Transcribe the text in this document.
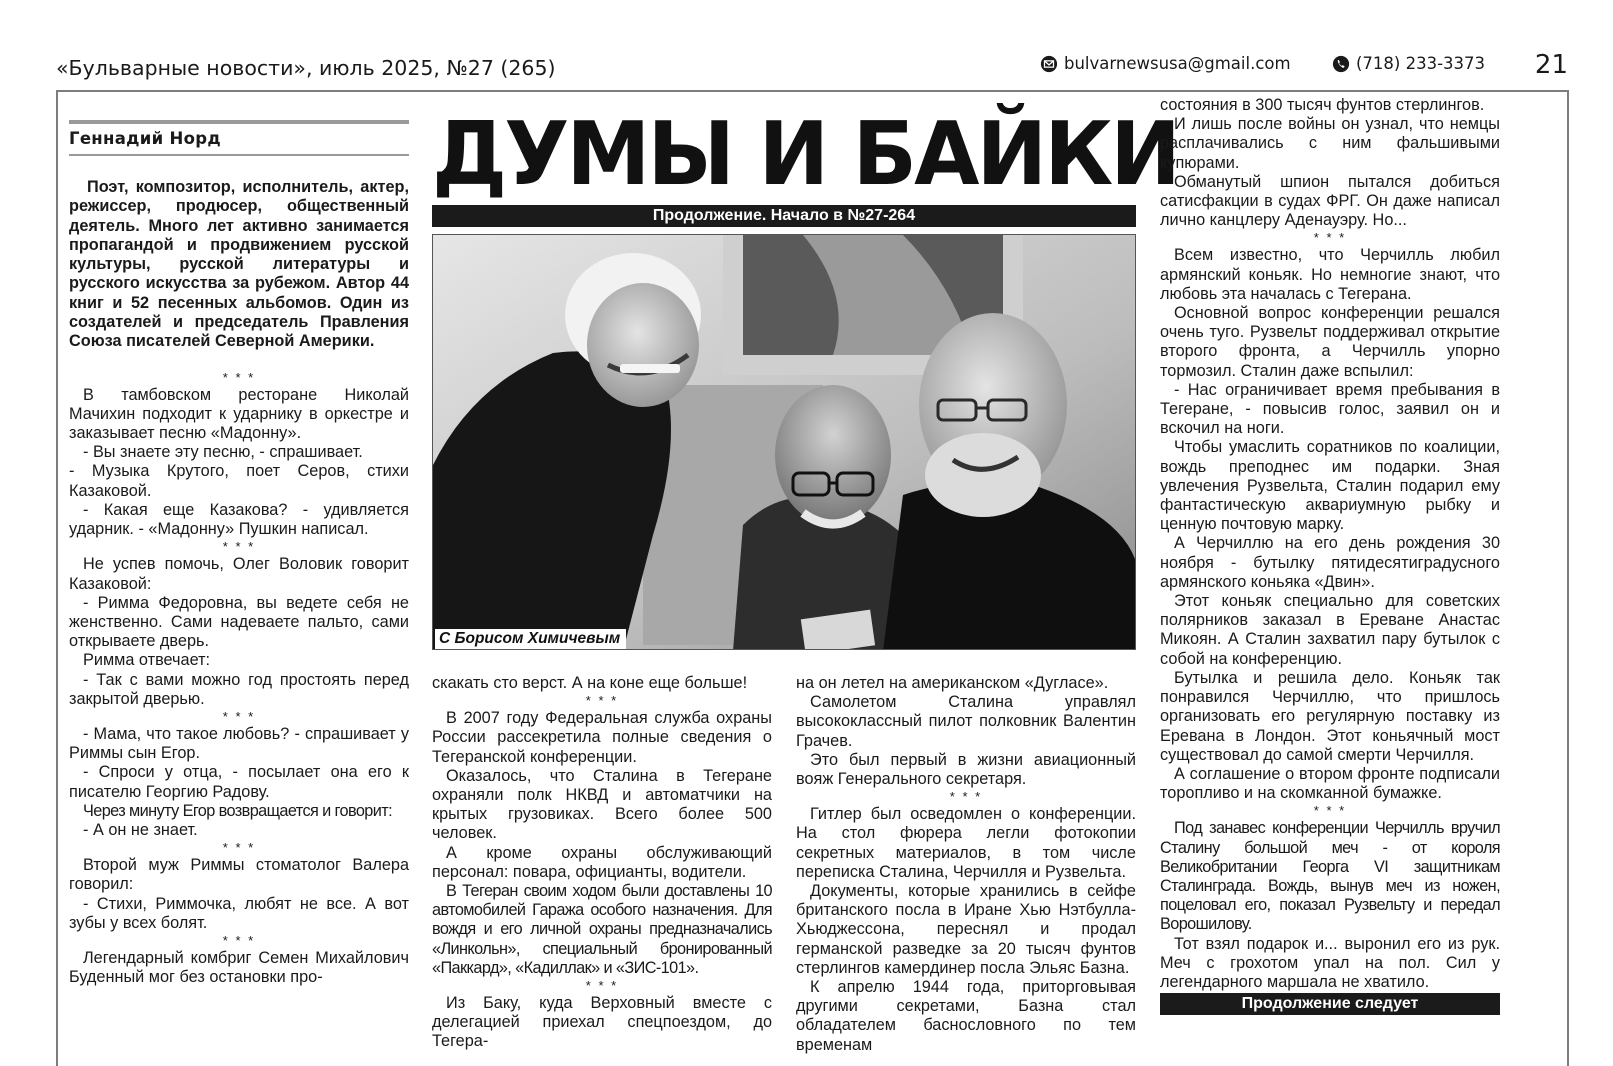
«Бульварные новости», июль 2025, №27 (265)	bulvarnewsusa@gmail.com	(718) 233-3373 21
Геннадий Норд

Поэт, композитор, исполнитель, актер, режиссер, продюсер, общественный деятель. Много лет активно занимается пропагандой и продвижением русской культуры, русской литературы и русского искусства за рубежом. Автор 44 книг и 52 песенных альбомов. Один из создателей и председатель Правления Союза писателей Северной Америки.

* * *

В тамбовском ресторане Николай Мачихин подходит к ударнику в оркестре и заказывает песню «Мадонну».

- Вы знаете эту песню, - спрашивает.

- Музыка Крутого, поет Серов, стихи Казаковой.

- Какая еще Казакова? - удивляется ударник. - «Мадонну» Пушкин написал.

* * *

Не успев помочь, Олег Воловик говорит Казаковой:

- Римма Федоровна, вы ведете себя не женственно. Сами надеваете пальто, сами открываете дверь.

Римма отвечает:

- Так с вами можно год простоять перед закрытой дверью.

* * *

- Мама, что такое любовь? - спрашивает у Риммы сын Егор.

- Спроси у отца, - посылает она его к писателю Георгию Радову.

Через минуту Егор возвращается и говорит:

- А он не знает.

* * *

Второй муж Риммы стоматолог Валера говорил:

- Стихи, Риммочка, любят не все. А вот зубы у всех болят.

* * *

Легендарный комбриг Семен Михайлович Буденный мог без остановки про-

ДУМЫ И БАЙКИ
Продолжение. Начало в №27-264
С Борисом Химичевым

скакать сто верст. А на коне еще больше!

* * *

В 2007 году Федеральная служба охраны России рассекретила полные сведения о Тегеранской конференции.

Оказалось, что Сталина в Тегеране охраняли полк НКВД и автоматчики на крытых грузовиках. Всего более 500 человек.

А кроме охраны обслуживающий персонал: повара, официанты, водители.

В Тегеран своим ходом были доставлены 10 автомобилей Гаража особого назначения. Для вождя и его личной охраны предназначались «Линкольн», специальный бронированный «Паккард», «Кадиллак» и «ЗИС-101».

* * *

Из Баку, куда Верховный вместе с делегацией приехал спецпоездом, до Тегера-

на он летел на американском «Дугласе».

Самолетом Сталина управлял высококлассный пилот полковник Валентин Грачев.

Это был первый в жизни авиационный вояж Генерального секретаря.

* * *

Гитлер был осведомлен о конференции. На стол фюрера легли фотокопии секретных материалов, в том числе переписка Сталина, Черчилля и Рузвельта.

Документы, которые хранились в сейфе британского посла в Иране Хью Нэтбулла-Хьюджессона, переснял и продал германской разведке за 20 тысяч фунтов стерлингов камердинер посла Эльяс Базна.

К апрелю 1944 года, приторговывая другими секретами, Базна стал обладателем баснословного по тем временам

состояния в 300 тысяч фунтов стерлингов.

И лишь после войны он узнал, что немцы расплачивались с ним фальшивыми купюрами.

Обманутый шпион пытался добиться сатисфакции в судах ФРГ. Он даже написал лично канцлеру Аденауэру. Но...

* * *

Всем известно, что Черчилль любил армянский коньяк. Но немногие знают, что любовь эта началась с Тегерана.

Основной вопрос конференции решался очень туго. Рузвельт поддерживал открытие второго фронта, а Черчилль упорно тормозил. Сталин даже вспылил:

- Нас ограничивает время пребывания в Тегеране, - повысив голос, заявил он и вскочил на ноги.

Чтобы умаслить соратников по коалиции, вождь преподнес им подарки. Зная увлечения Рузвельта, Сталин подарил ему фантастическую аквариумную рыбку и ценную почтовую марку.

А Черчиллю на его день рождения 30 ноября - бутылку пятидесятиградусного армянского коньяка «Двин».

Этот коньяк специально для советских полярников заказал в Ереване Анастас Микоян. А Сталин захватил пару бутылок с собой на конференцию.

Бутылка и решила дело. Коньяк так понравился Черчиллю, что пришлось организовать его регулярную поставку из Еревана в Лондон. Этот коньячный мост существовал до самой смерти Черчилля.

А соглашение о втором фронте подписали торопливо и на скомканной бумажке.

* * *

Под занавес конференции Черчилль вручил Сталину большой меч - от короля Великобритании Георга VI защитникам Сталинграда. Вождь, вынув меч из ножен, поцеловал его, показал Рузвельту и передал Ворошилову.

Тот взял подарок и... выронил его из рук. Меч с грохотом упал на пол. Сил у легендарного маршала не хватило.

Продолжение следует
